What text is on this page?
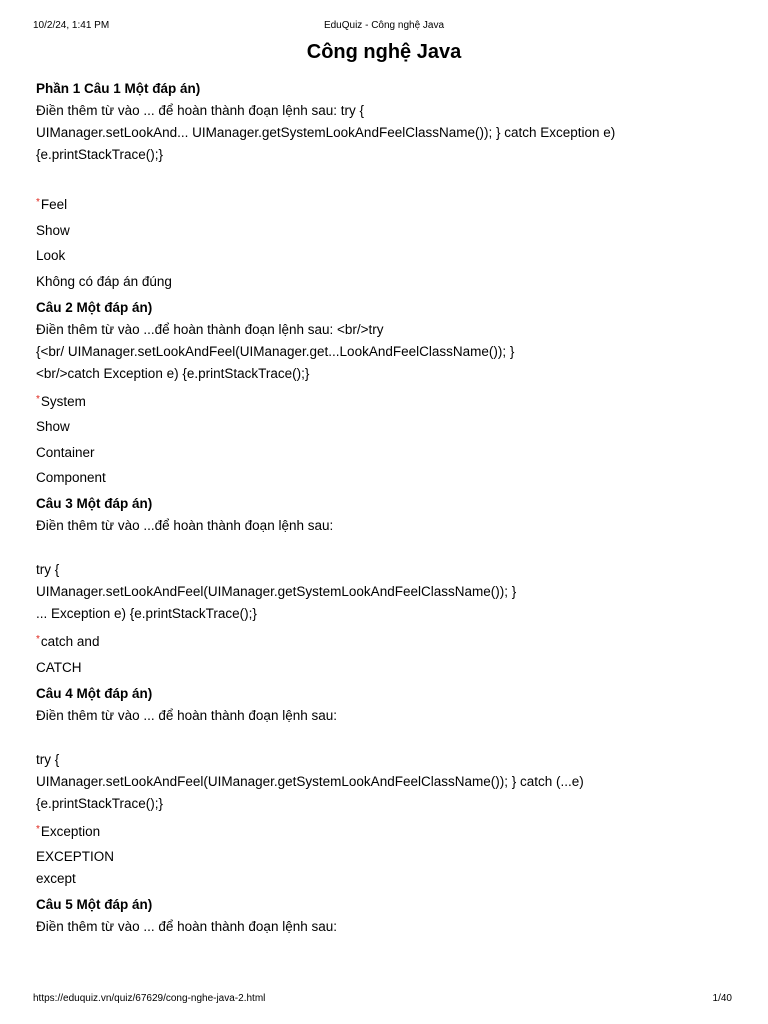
10/2/24, 1:41 PM	EduQuiz - Công nghệ Java
Công nghệ Java

Phần 1 Câu 1 Một đáp án)

Điền thêm từ vào ... để hoàn thành đoạn lệnh sau: try {

UIManager.setLookAnd... UIManager.getSystemLookAndFeelClassName()); } catch Exception e)

{e.printStackTrace();}

*Feel

Show

Look

Không có đáp án đúng

Câu 2 Một đáp án)

Điền thêm từ vào ...để hoàn thành đoạn lệnh sau: <br/>try

{<br/ UIManager.setLookAndFeel(UIManager.get...LookAndFeelClassName()); }

<br/>catch Exception e) {e.printStackTrace();}

*System

Show

Container

Component

Câu 3 Một đáp án)

Điền thêm từ vào ...để hoàn thành đoạn lệnh sau:

try {

UIManager.setLookAndFeel(UIManager.getSystemLookAndFeelClassName()); }

... Exception e) {e.printStackTrace();}

*catch and

CATCH

Câu 4 Một đáp án)

Điền thêm từ vào ... để hoàn thành đoạn lệnh sau:

try {

UIManager.setLookAndFeel(UIManager.getSystemLookAndFeelClassName()); } catch (...e)

{e.printStackTrace();}

*Exception

EXCEPTION

except

Câu 5 Một đáp án)

Điền thêm từ vào ... để hoàn thành đoạn lệnh sau:

https://eduquiz.vn/quiz/67629/cong-nghe-java-2.html	1/40
